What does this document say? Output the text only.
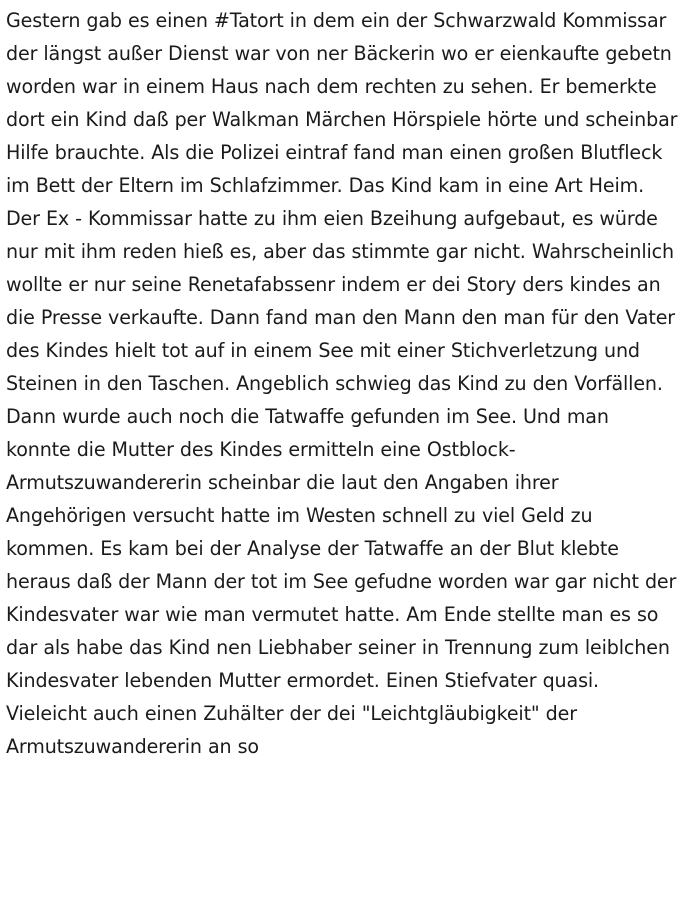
Gestern gab es einen #Tatort in dem ein der Schwarzwald Kommissar der längst außer Dienst war von ner Bäckerin wo er eienkaufte gebetn worden war in einem Haus nach dem rechten zu sehen. Er bemerkte dort ein Kind daß per Walkman Märchen Hörspiele hörte und scheinbar Hilfe brauchte. Als die Polizei eintraf fand man einen großen Blutfleck im Bett der Eltern im Schlafzimmer. Das Kind kam in eine Art Heim. Der Ex - Kommissar hatte zu ihm eien Bzeihung aufgebaut, es würde nur mit ihm reden hieß es, aber das stimmte gar nicht. Wahrscheinlich wollte er nur seine Renetafabssenr indem er dei Story ders kindes an die Presse verkaufte. Dann fand man den Mann den man für den Vater des Kindes hielt tot auf in einem See mit einer Stichverletzung und Steinen in den Taschen. Angeblich schwieg das Kind zu den Vorfällen. Dann wurde auch noch die Tatwaffe gefunden im See. Und man konnte die Mutter des Kindes ermitteln eine Ostblock-Armutszuwandererin scheinbar die laut den Angaben ihrer Angehörigen versucht hatte im Westen schnell zu viel Geld zu kommen. Es kam bei der Analyse der Tatwaffe an der Blut klebte heraus daß der Mann der tot im See gefudne worden war gar nicht der Kindesvater war wie man vermutet hatte. Am Ende stellte man es so dar als habe das Kind nen Liebhaber seiner in Trennung zum leiblchen Kindesvater lebenden Mutter ermordet. Einen Stiefvater quasi. Vieleicht auch einen Zuhälter der dei "Leichtgläubigkeit" der Armutszuwandererin an so
